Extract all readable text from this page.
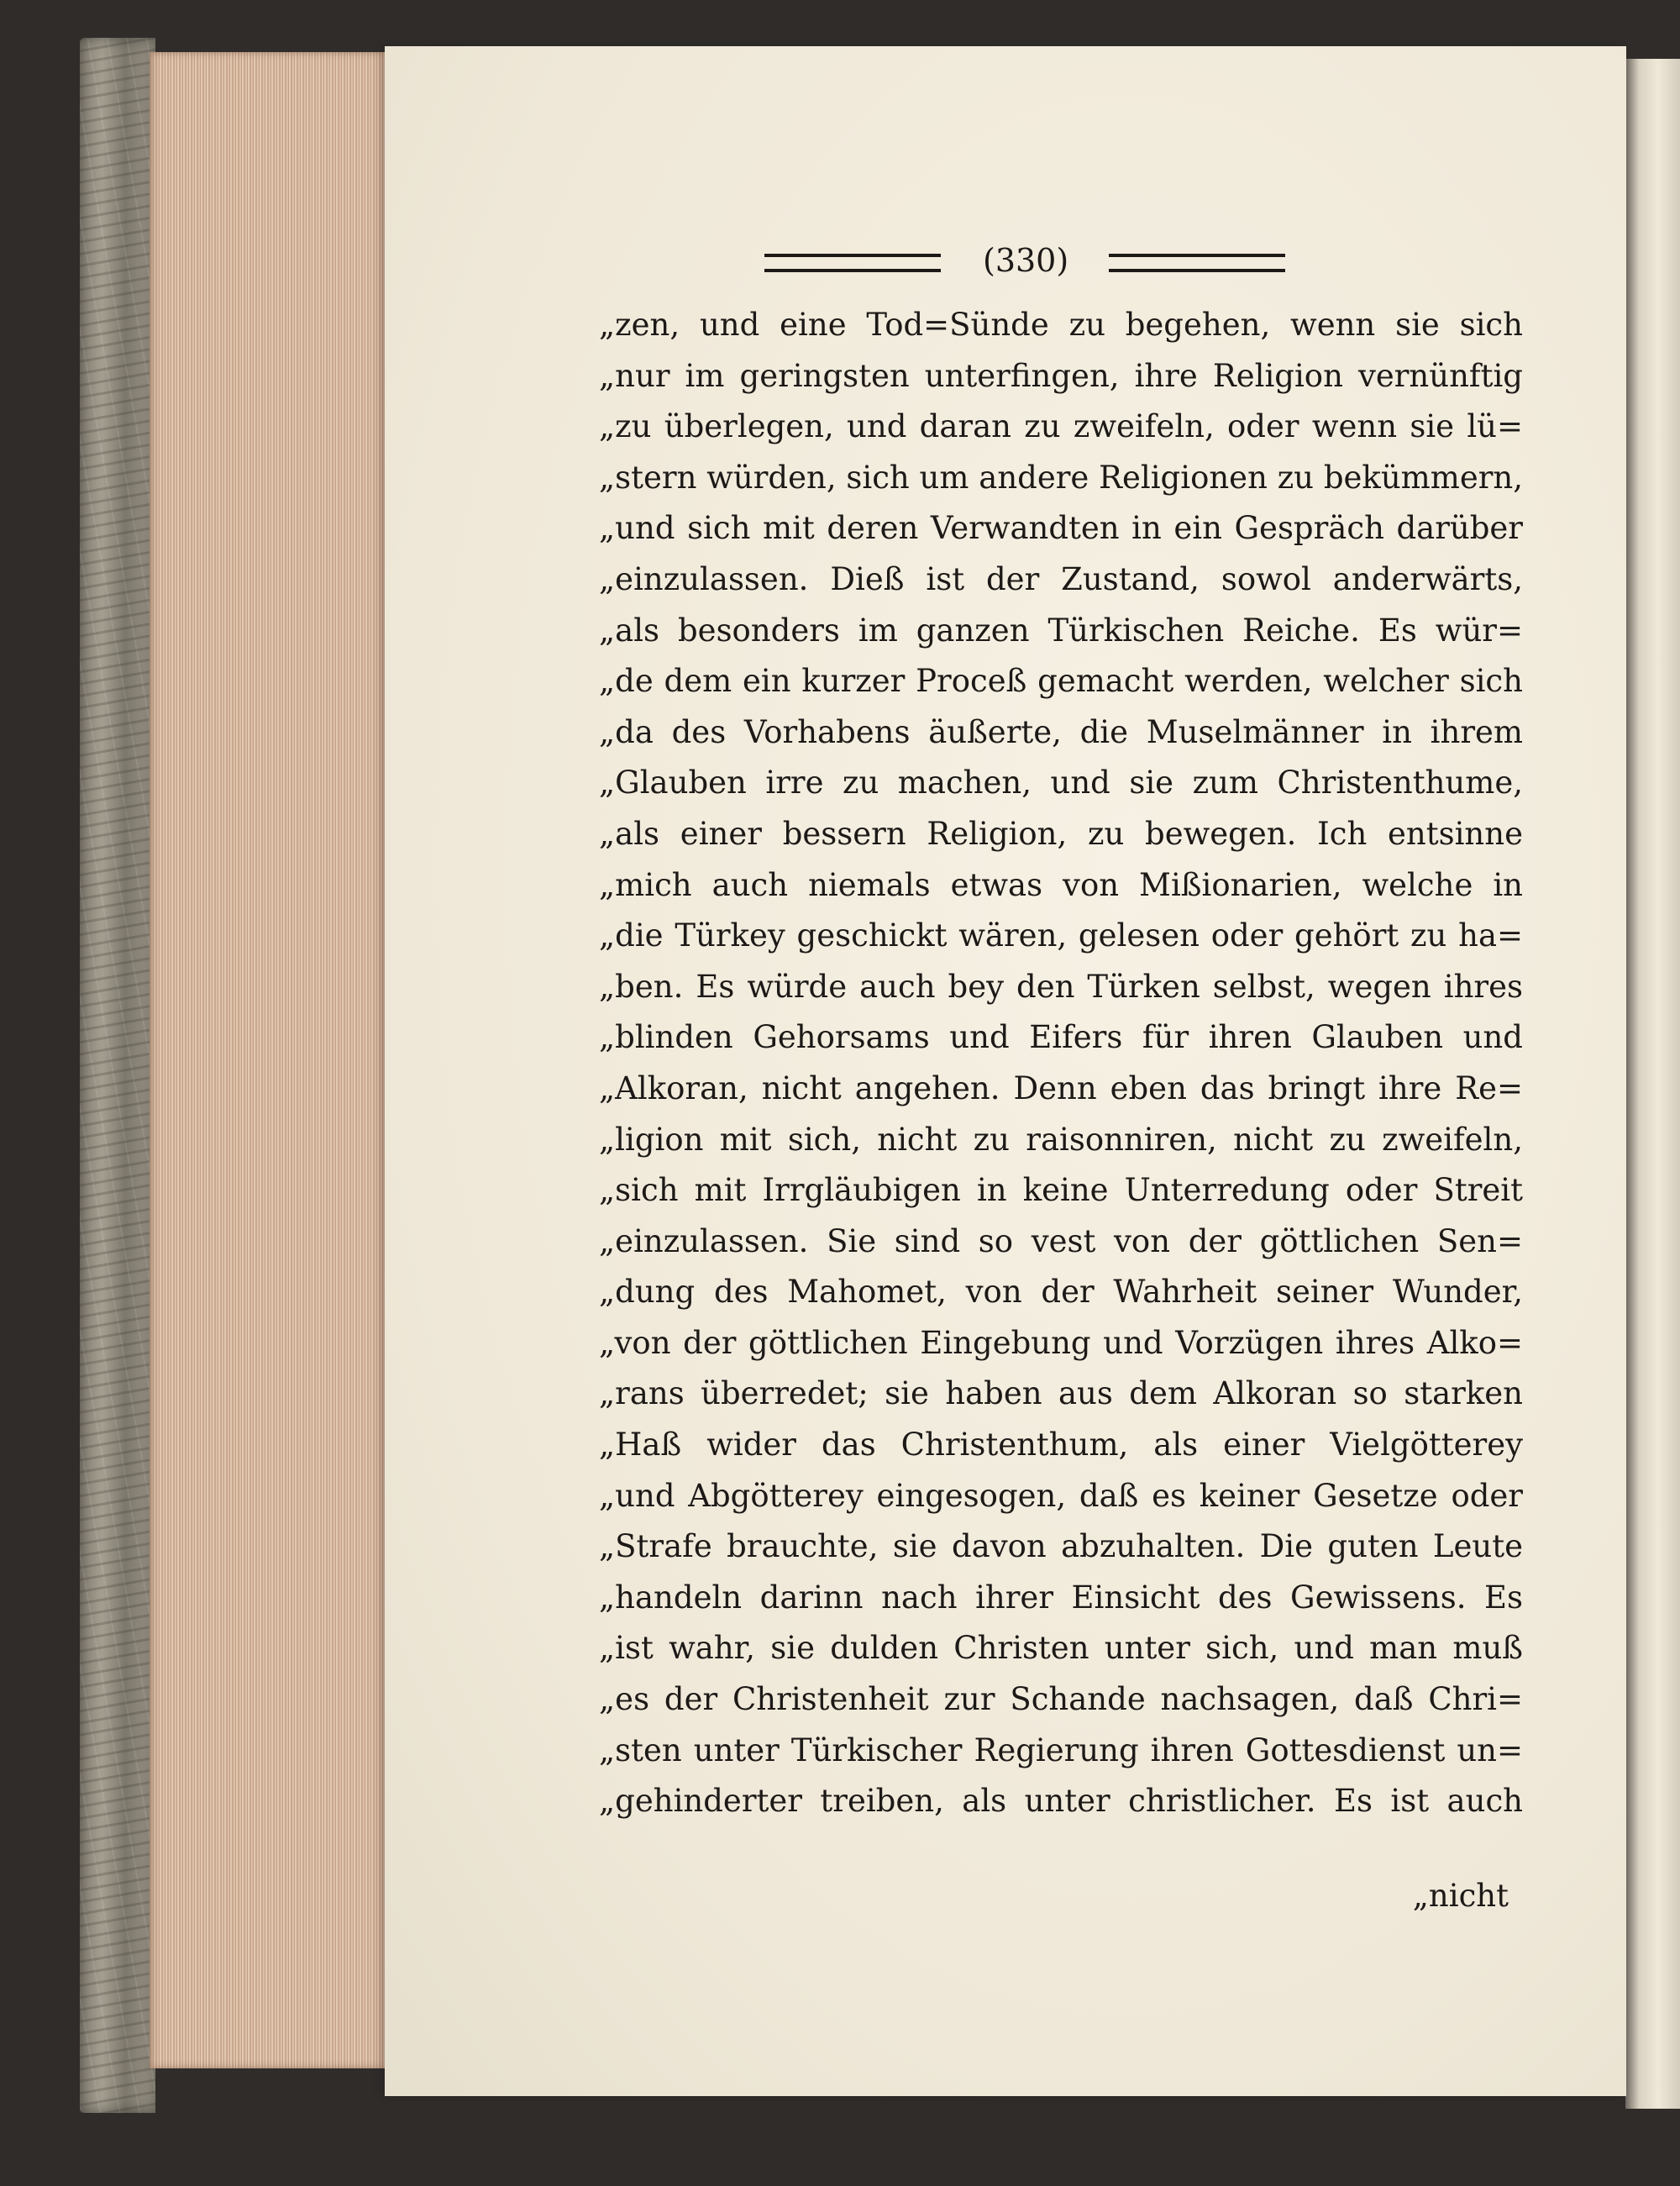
(330)
„zen, und eine Tod=Sünde zu begehen, wenn sie sich
„nur im geringsten unterfingen, ihre Religion vernünftig
„zu überlegen, und daran zu zweifeln, oder wenn sie lü=
„stern würden, sich um andere Religionen zu bekümmern,
„und sich mit deren Verwandten in ein Gespräch darüber
„einzulassen. Dieß ist der Zustand, sowol anderwärts,
„als besonders im ganzen Türkischen Reiche. Es wür=
„de dem ein kurzer Proceß gemacht werden, welcher sich
„da des Vorhabens äußerte, die Muselmänner in ihrem
„Glauben irre zu machen, und sie zum Christenthume,
„als einer bessern Religion, zu bewegen. Ich entsinne
„mich auch niemals etwas von Mißionarien, welche in
„die Türkey geschickt wären, gelesen oder gehört zu ha=
„ben. Es würde auch bey den Türken selbst, wegen ihres
„blinden Gehorsams und Eifers für ihren Glauben und
„Alkoran, nicht angehen. Denn eben das bringt ihre Re=
„ligion mit sich, nicht zu raisonniren, nicht zu zweifeln,
„sich mit Irrgläubigen in keine Unterredung oder Streit
„einzulassen. Sie sind so vest von der göttlichen Sen=
„dung des Mahomet, von der Wahrheit seiner Wunder,
„von der göttlichen Eingebung und Vorzügen ihres Alko=
„rans überredet; sie haben aus dem Alkoran so starken
„Haß wider das Christenthum, als einer Vielgötterey
„und Abgötterey eingesogen, daß es keiner Gesetze oder
„Strafe brauchte, sie davon abzuhalten. Die guten Leute
„handeln darinn nach ihrer Einsicht des Gewissens. Es
„ist wahr, sie dulden Christen unter sich, und man muß
„es der Christenheit zur Schande nachsagen, daß Chri=
„sten unter Türkischer Regierung ihren Gottesdienst un=
„gehinderter treiben, als unter christlicher. Es ist auch
„nicht
